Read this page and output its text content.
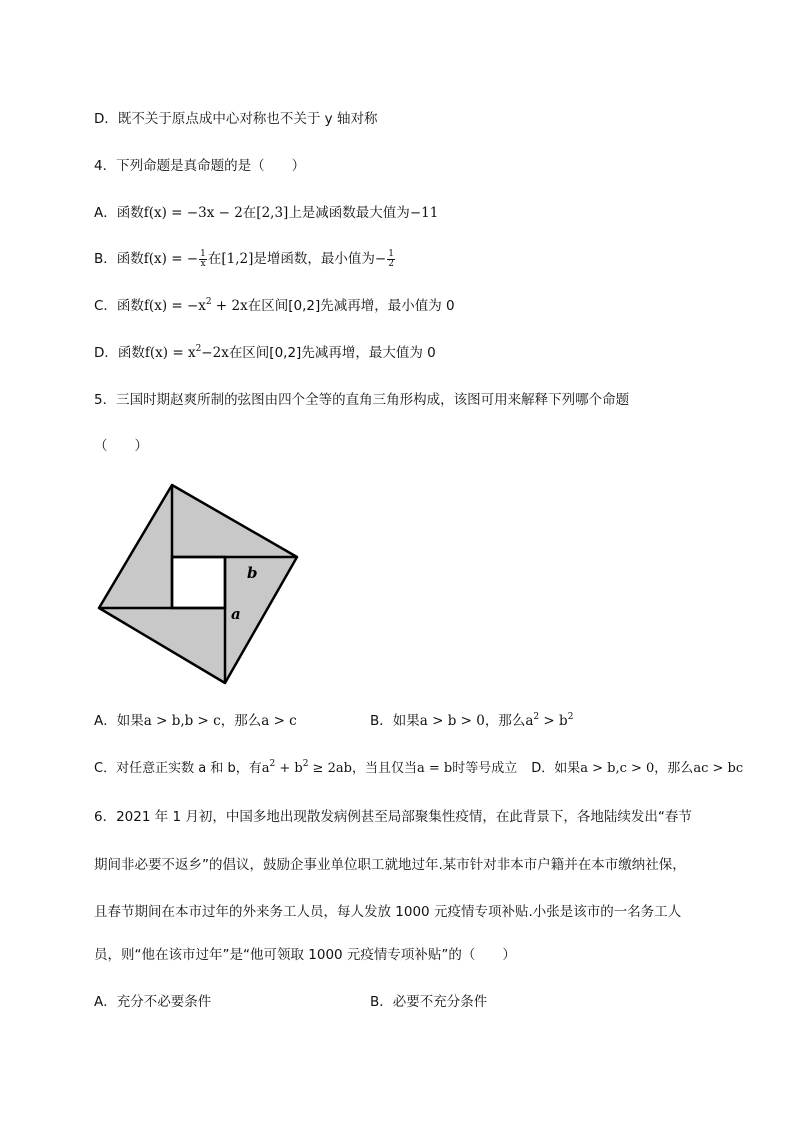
D．既不关于原点成中心对称也不关于 y 轴对称
4．下列命题是真命题的是（　　）
A．函数f(x) = −3x − 2在[2,3]上是减函数最大值为−11
B．函数f(x) = − $\frac{1}{x}$ 在[1,2]是增函数，最小值为− $\frac{1}{2}$
C．函数$f(x) = -x^2 + 2x$在区间[0,2]先减再增，最小值为 0
D．函数$f(x) = x^2-2x$在区间[0,2]先减再增，最大值为 0
5．三国时期赵爽所制的弦图由四个全等的直角三角形构成，该图可用来解释下列哪个命题
（　　）
b
a
A．如果a > b,b > c，那么a > c	B．如果a > b > 0，那么$a^2 > b^2$
C．对任意正实数 a 和 b，有$a^2 + b^2 \ge 2ab$，当且仅当a = b时等号成立 D．如果a > b,c > 0，那么ac > bc
6．2021 年 1 月初，中国多地出现散发病例甚至局部聚集性疫情，在此背景下，各地陆续发出“春节
期间非必要不返乡”的倡议，鼓励企事业单位职工就地过年.某市针对非本市户籍并在本市缴纳社保，
且春节期间在本市过年的外来务工人员，每人发放 1000 元疫情专项补贴.小张是该市的一名务工人
员，则“他在该市过年”是“他可领取 1000 元疫情专项补贴”的（　　）
A．充分不必要条件	B．必要不充分条件
